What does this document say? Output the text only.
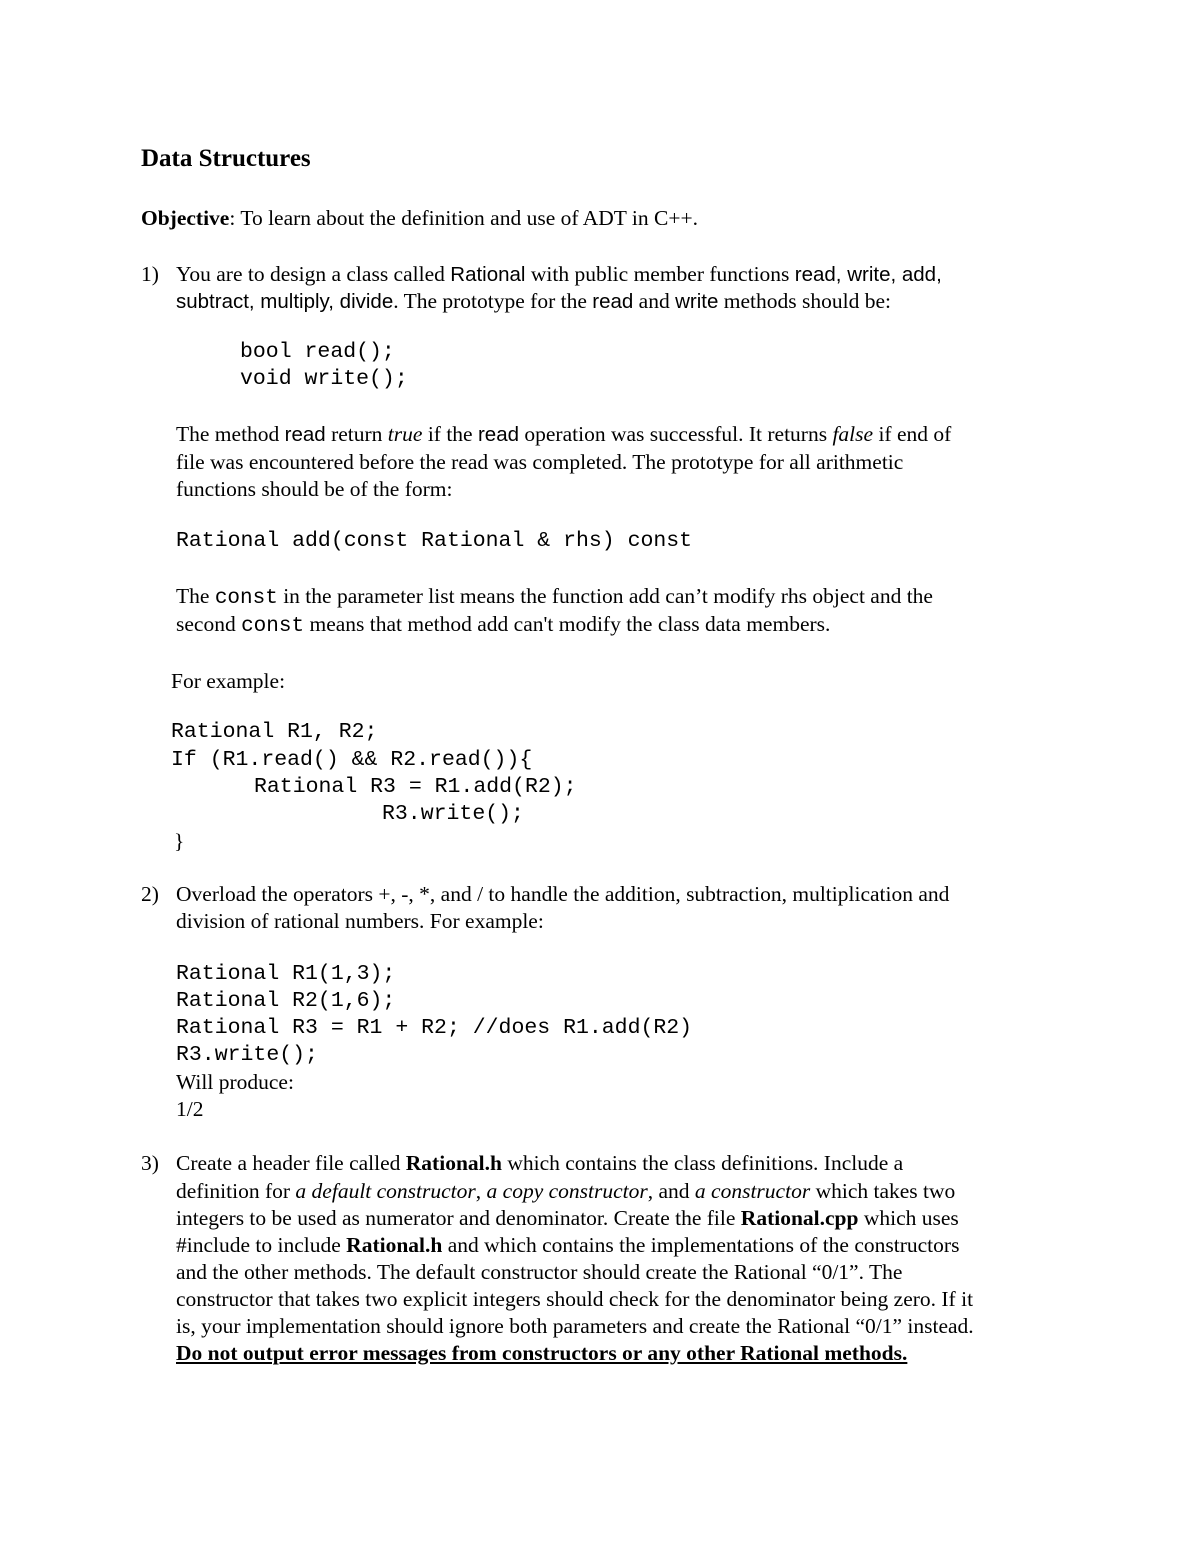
Data Structures
Objective: To learn about the definition and use of ADT in C++.
1) You are to design a class called Rational with public member functions read, write, add,
subtract, multiply, divide. The prototype for the read and write methods should be:
bool read();
void write();
The method read return true if the read operation was successful. It returns false if end of
file was encountered before the read was completed. The prototype for all arithmetic
functions should be of the form:
Rational add(const Rational & rhs) const
The const in the parameter list means the function add can’t modify rhs object and the
second const means that method add can't modify the class data members.
For example:
Rational R1, R2;
If (R1.read() && R2.read()){
Rational R3 = R1.add(R2);
R3.write();
}
2) Overload the operators +, -, *, and / to handle the addition, subtraction, multiplication and
division of rational numbers. For example:
Rational R1(1,3);
Rational R2(1,6);
Rational R3 = R1 + R2; //does R1.add(R2)
R3.write();
Will produce:
1/2
3) Create a header file called Rational.h which contains the class definitions. Include a
definition for a default constructor, a copy constructor, and a constructor which takes two
integers to be used as numerator and denominator. Create the file Rational.cpp which uses
#include to include Rational.h and which contains the implementations of the constructors
and the other methods. The default constructor should create the Rational “0/1”. The
constructor that takes two explicit integers should check for the denominator being zero. If it
is, your implementation should ignore both parameters and create the Rational “0/1” instead.
Do not output error messages from constructors or any other Rational methods.
